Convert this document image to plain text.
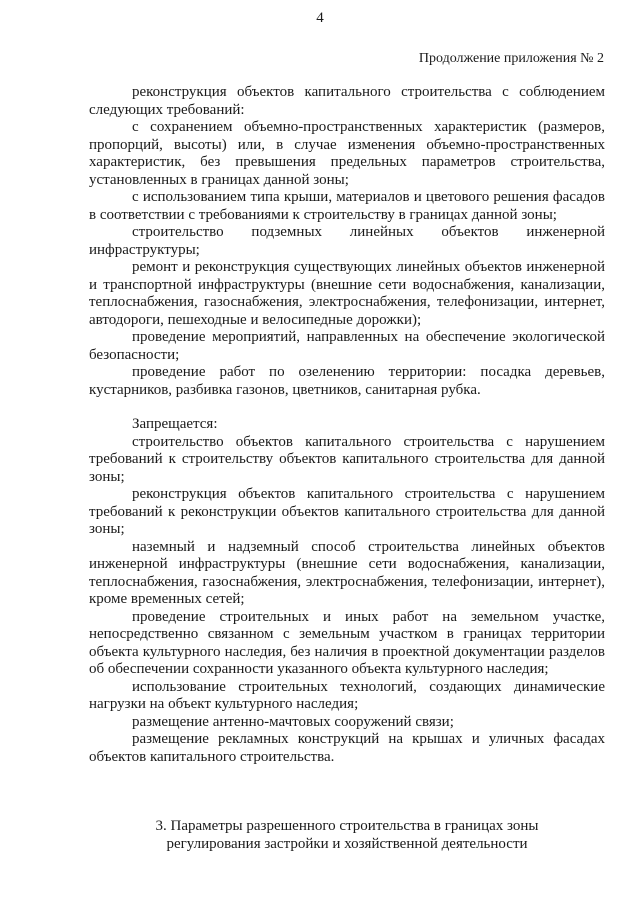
4
Продолжение приложения № 2

реконструкция объектов капитального строительства с соблюдением следующих требований:

с сохранением объемно-пространственных характеристик (размеров, пропорций, высоты) или, в случае изменения объемно-пространственных характеристик, без превышения предельных параметров строительства, установленных в границах данной зоны;

с использованием типа крыши, материалов и цветового решения фасадов в соответствии с требованиями к строительству в границах данной зоны;

строительство подземных линейных объектов инженерной инфраструктуры;

ремонт и реконструкция существующих линейных объектов инженерной и транспортной инфраструктуры (внешние сети водоснабжения, канализации, теплоснабжения, газоснабжения, электроснабжения, телефонизации, интернет, автодороги, пешеходные и велосипедные дорожки);

проведение мероприятий, направленных на обеспечение экологической безопасности;

проведение работ по озеленению территории: посадка деревьев, кустарников, разбивка газонов, цветников, санитарная рубка.

Запрещается:

строительство объектов капитального строительства с нарушением требований к строительству объектов капитального строительства для данной зоны;

реконструкция объектов капитального строительства с нарушением требований к реконструкции объектов капитального строительства для данной зоны;

наземный и надземный способ строительства линейных объектов инженерной инфраструктуры (внешние сети водоснабжения, канализации, теплоснабжения, газоснабжения, электроснабжения, телефонизации, интернет), кроме временных сетей;

проведение строительных и иных работ на земельном участке, непосредственно связанном с земельным участком в границах территории объекта культурного наследия, без наличия в проектной документации разделов об обеспечении сохранности указанного объекта культурного наследия;

использование строительных технологий, создающих динамические нагрузки на объект культурного наследия;

размещение антенно-мачтовых сооружений связи;

размещение рекламных конструкций на крышах и уличных фасадах объектов капитального строительства.

3. Параметры разрешенного строительства в границах зоны
регулирования застройки и хозяйственной деятельности
